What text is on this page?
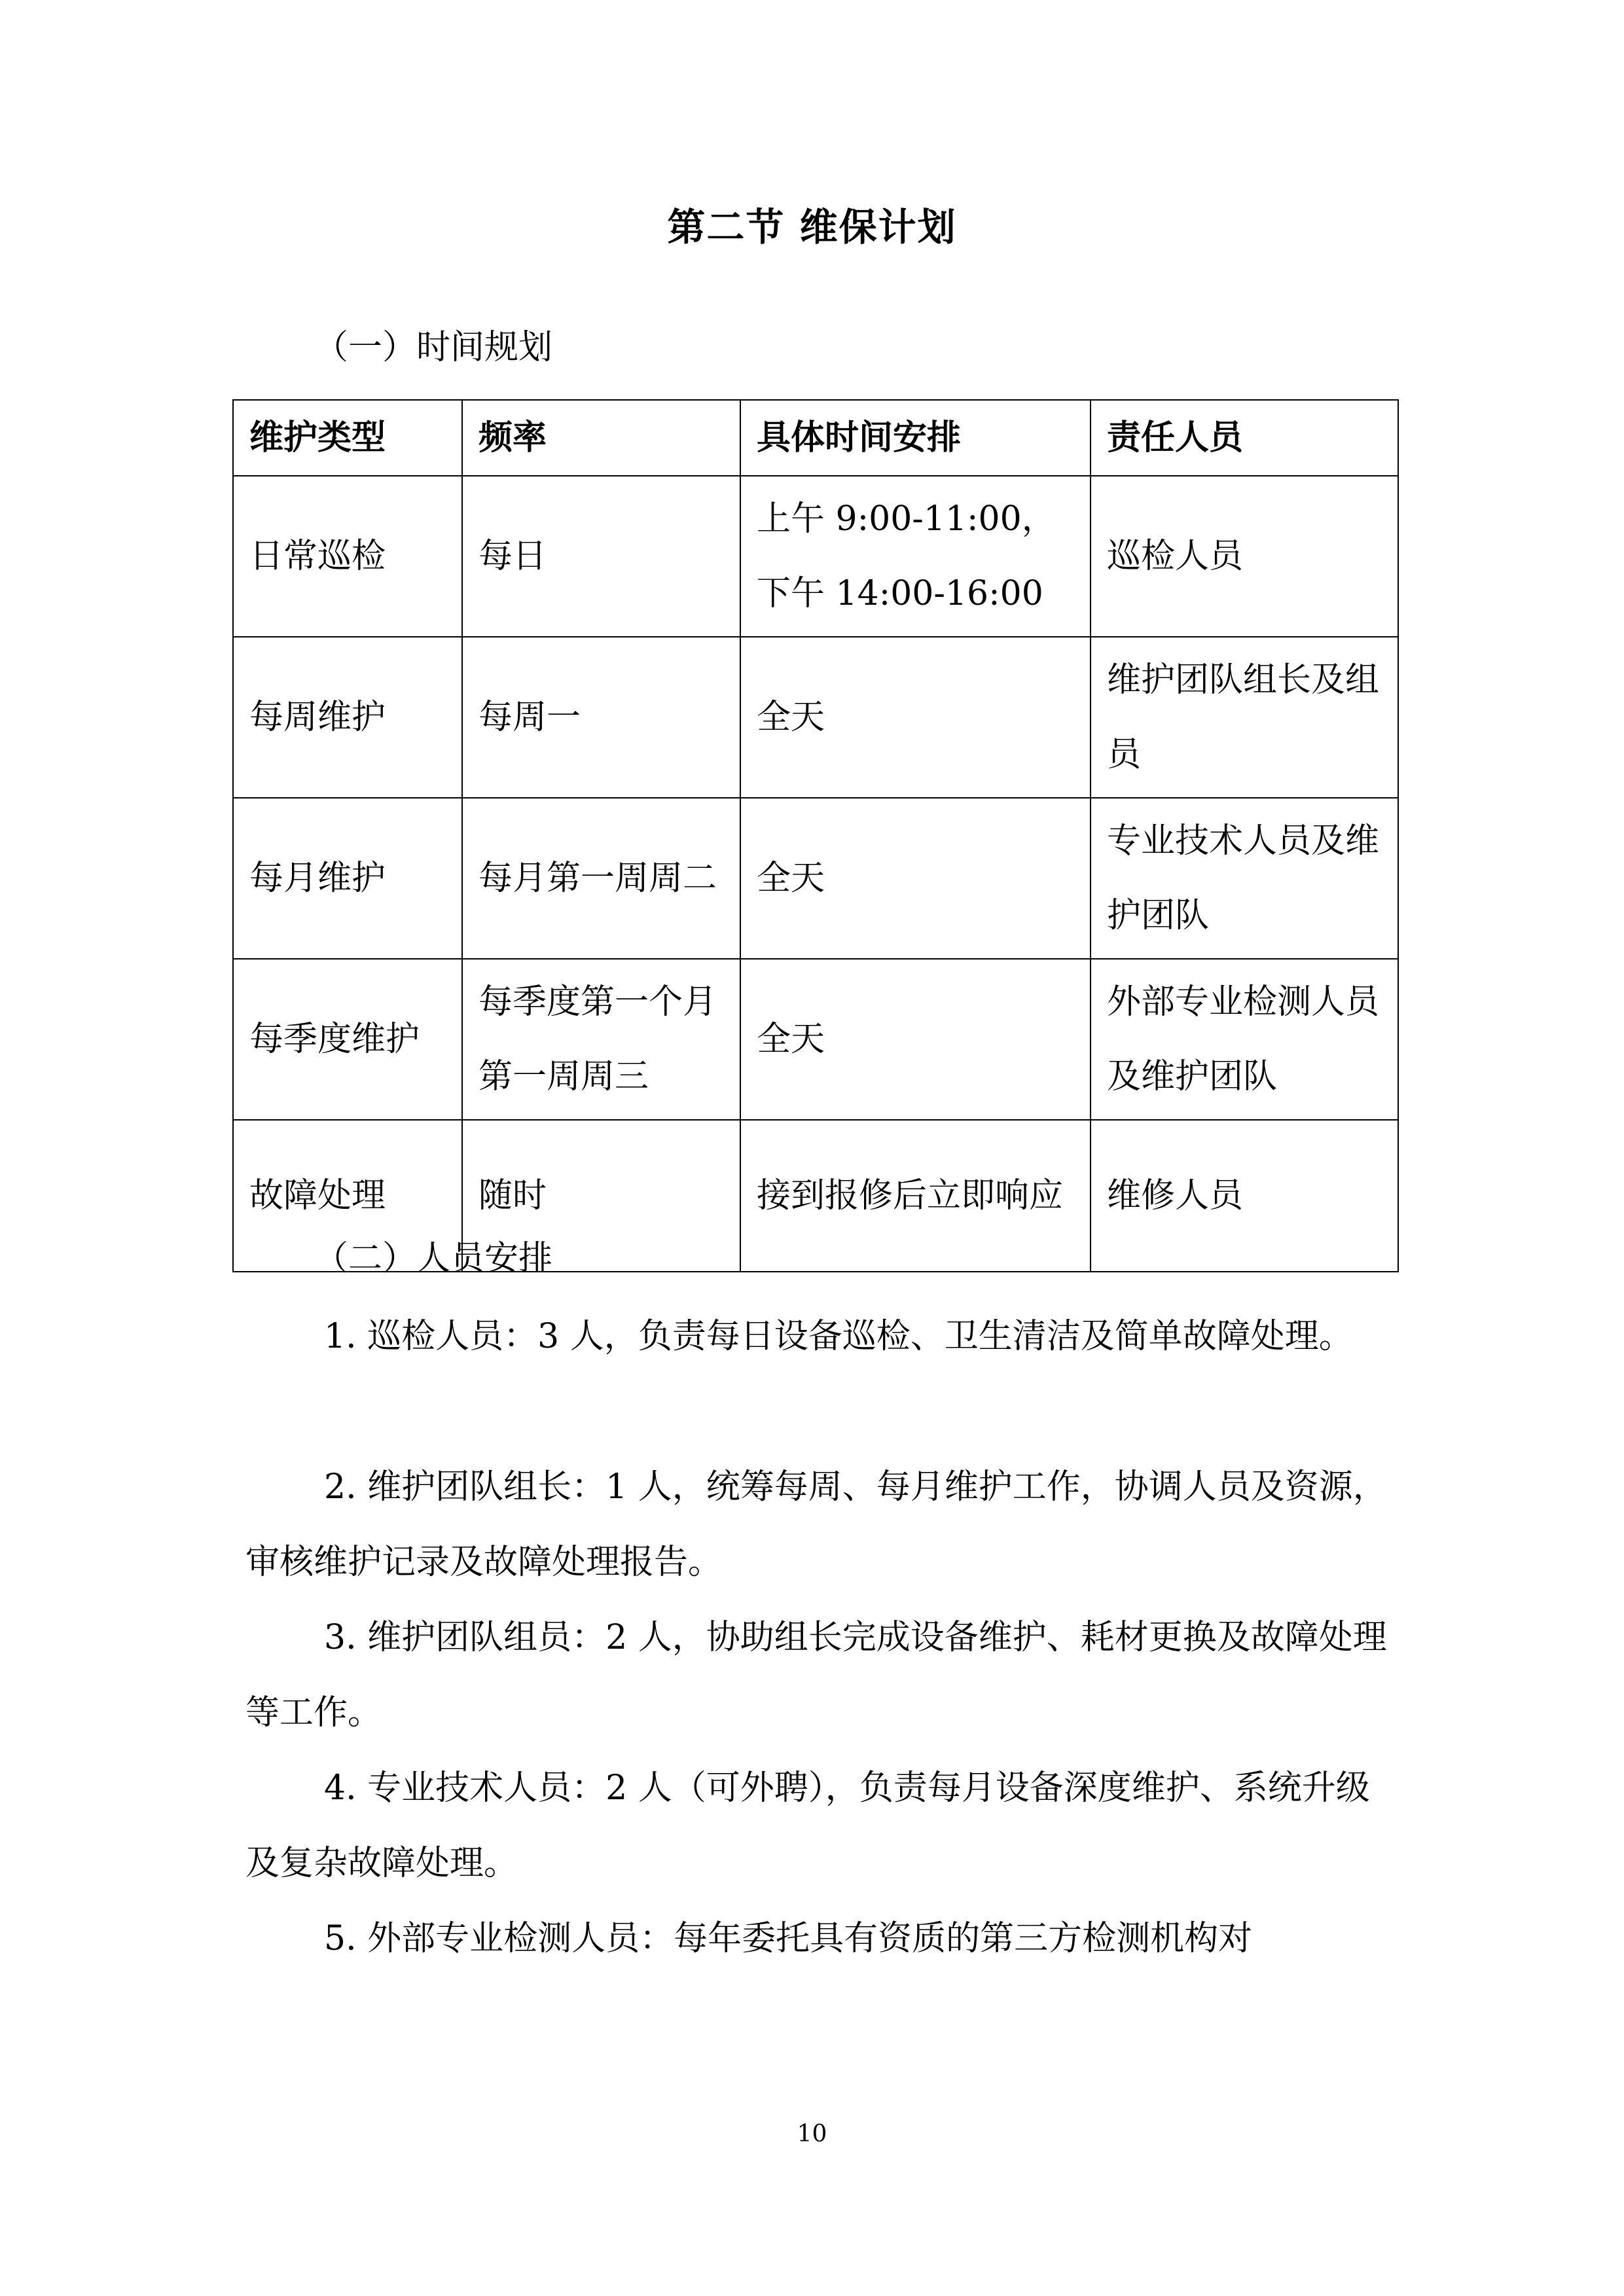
第二节 维保计划
（一）时间规划
维护类型	频率	具体时间安排	责任人员
日常巡检	每日	上午 9:00-11:00，下午 14:00-16:00	巡检人员
每周维护	每周一	全天	维护团队组长及组员
每月维护	每月第一周周二	全天	专业技术人员及维护团队
每季度维护	每季度第一个月第一周周三	全天	外部专业检测人员及维护团队
故障处理	随时	接到报修后立即响应	维修人员
（二）人员安排
1. 巡检人员：3 人，负责每日设备巡检、卫生清洁及简单故障处理。
2. 维护团队组长：1 人，统筹每周、每月维护工作，协调人员及资源，审核维护记录及故障处理报告。
3. 维护团队组员：2 人，协助组长完成设备维护、耗材更换及故障处理等工作。
4. 专业技术人员：2 人（可外聘），负责每月设备深度维护、系统升级及复杂故障处理。
5. 外部专业检测人员：每年委托具有资质的第三方检测机构对
10
